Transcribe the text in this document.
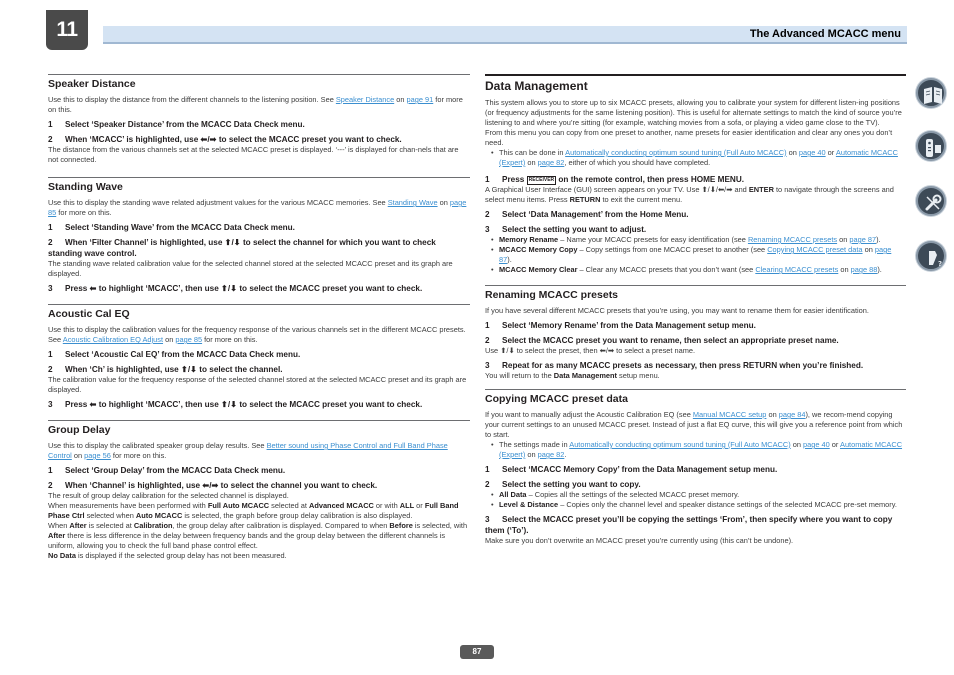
11	The Advanced MCACC menu
Speaker Distance

Use this to display the distance from the different channels to the listening position. See Speaker Distance on page 91 for more on this.

1 Select ‘Speaker Distance’ from the MCACC Data Check menu.

2 When ‘MCACC’ is highlighted, use ⬅/➡ to select the MCACC preset you want to check.

The distance from the various channels set at the selected MCACC preset is displayed. ‘---’ is displayed for chan-nels that are not connected.

Standing Wave

Use this to display the standing wave related adjustment values for the various MCACC memories. See Standing Wave on page 85 for more on this.

1 Select ‘Standing Wave’ from the MCACC Data Check menu.

2 When ‘Filter Channel’ is highlighted, use ⬆/⬇ to select the channel for which you want to check standing wave control.

The standing wave related calibration value for the selected channel stored at the selected MCACC preset and its graph are displayed.

3 Press ⬅ to highlight ‘MCACC’, then use ⬆/⬇ to select the MCACC preset you want to check.

Acoustic Cal EQ

Use this to display the calibration values for the frequency response of the various channels set in the different MCACC presets. See Acoustic Calibration EQ Adjust on page 85 for more on this.

1 Select ‘Acoustic Cal EQ’ from the MCACC Data Check menu.

2 When ‘Ch’ is highlighted, use ⬆/⬇ to select the channel.

The calibration value for the frequency response of the selected channel stored at the selected MCACC preset and its graph are displayed.

3 Press ⬅ to highlight ‘MCACC’, then use ⬆/⬇ to select the MCACC preset you want to check.

Group Delay

Use this to display the calibrated speaker group delay results. See Better sound using Phase Control and Full Band Phase Control on page 56 for more on this.

1 Select ‘Group Delay’ from the MCACC Data Check menu.

2 When ‘Channel’ is highlighted, use ⬅/➡ to select the channel you want to check.

The result of group delay calibration for the selected channel is displayed.

When measurements have been performed with Full Auto MCACC selected at Advanced MCACC or with ALL or Full Band Phase Ctrl selected when Auto MCACC is selected, the graph before group delay calibration is also displayed.

When After is selected at Calibration, the group delay after calibration is displayed. Compared to when Before is selected, with After there is less difference in the delay between frequency bands and the group delay between the different channels is uniform, allowing you to check the full band phase control effect.

No Data is displayed if the selected group delay has not been measured.

Data Management

This system allows you to store up to six MCACC presets, allowing you to calibrate your system for different listen-ing positions (or frequency adjustments for the same listening position). This is useful for alternate settings to match the kind of source you’re listening to and where you’re sitting (for example, watching movies from a sofa, or playing a video game close to the TV).

From this menu you can copy from one preset to another, name presets for easier identification and clear any ones you don’t need.

• This can be done in Automatically conducting optimum sound tuning (Full Auto MCACC) on page 40 or Automatic MCACC (Expert) on page 82, either of which you should have completed.

1 Press RECEIVER on the remote control, then press HOME MENU.

A Graphical User Interface (GUI) screen appears on your TV. Use ⬆/⬇/⬅/➡ and ENTER to navigate through the screens and select menu items. Press RETURN to exit the current menu.

2 Select ‘Data Management’ from the Home Menu.

3 Select the setting you want to adjust.

• Memory Rename – Name your MCACC presets for easy identification (see Renaming MCACC presets on page 87).

• MCACC Memory Copy – Copy settings from one MCACC preset to another (see Copying MCACC preset data on page 87).

• MCACC Memory Clear – Clear any MCACC presets that you don’t want (see Clearing MCACC presets on page 88).

Renaming MCACC presets

If you have several different MCACC presets that you’re using, you may want to rename them for easier identification.

1 Select ‘Memory Rename’ from the Data Management setup menu.

2 Select the MCACC preset you want to rename, then select an appropriate preset name.

Use ⬆/⬇ to select the preset, then ⬅/➡ to select a preset name.

3 Repeat for as many MCACC presets as necessary, then press RETURN when you’re finished.

You will return to the Data Management setup menu.

Copying MCACC preset data

If you want to manually adjust the Acoustic Calibration EQ (see Manual MCACC setup on page 84), we recom-mend copying your current settings to an unused MCACC preset. Instead of just a flat EQ curve, this will give you a reference point from which to start.

• The settings made in Automatically conducting optimum sound tuning (Full Auto MCACC) on page 40 or Automatic MCACC (Expert) on page 82.

1 Select ‘MCACC Memory Copy’ from the Data Management setup menu.

2 Select the setting you want to copy.

• All Data – Copies all the settings of the selected MCACC preset memory.

• Level & Distance – Copies only the channel level and speaker distance settings of the selected MCACC pre-set memory.

3 Select the MCACC preset you’ll be copying the settings ‘From’, then specify where you want to copy them (‘To’).

Make sure you don’t overwrite an MCACC preset you’re currently using (this can’t be undone).

?
87
